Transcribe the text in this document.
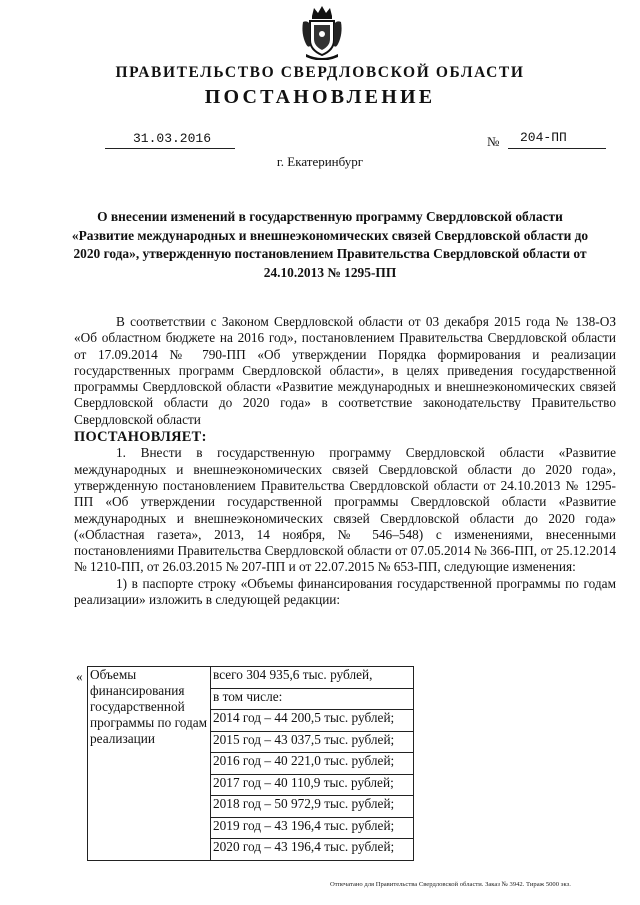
ПРАВИТЕЛЬСТВО СВЕРДЛОВСКОЙ ОБЛАСТИ
ПОСТАНОВЛЕНИЕ
31.03.2016	№ 204-ПП
г. Екатеринбург
О внесении изменений в государственную программу Свердловской области «Развитие международных и внешнеэкономических связей Свердловской области до 2020 года», утвержденную постановлением Правительства Свердловской области от 24.10.2013 № 1295-ПП

В соответствии с Законом Свердловской области от 03 декабря 2015 года № 138-ОЗ «Об областном бюджете на 2016 год», постановлением Правительства Свердловской области от 17.09.2014 № 790-ПП «Об утверждении Порядка формирования и реализации государственных программ Свердловской области», в целях приведения государственной программы Свердловской области «Развитие международных и внешнеэкономических связей Свердловской области до 2020 года» в соответствие законодательству Правительство Свердловской области

ПОСТАНОВЛЯЕТ:

1. Внести в государственную программу Свердловской области «Развитие международных и внешнеэкономических связей Свердловской области до 2020 года», утвержденную постановлением Правительства Свердловской области от 24.10.2013 № 1295-ПП «Об утверждении государственной программы Свердловской области «Развитие международных и внешнеэкономических связей Свердловской области до 2020 года» («Областная газета», 2013, 14 ноября, № 546–548) с изменениями, внесенными постановлениями Правительства Свердловской области от 07.05.2014 № 366-ПП, от 25.12.2014 № 1210-ПП, от 26.03.2015 № 207-ПП и от 22.07.2015 № 653-ПП, следующие изменения:

1) в паспорте строку «Объемы финансирования государственной программы по годам реализации» изложить в следующей редакции:

« Объемы финансирования государственной программы по годам реализации	всего 304 935,6 тыс. рублей,
в том числе:
2014 год – 44 200,5 тыс. рублей;
2015 год – 43 037,5 тыс. рублей;
2016 год – 40 221,0 тыс. рублей;
2017 год – 40 110,9 тыс. рублей;
2018 год – 50 972,9 тыс. рублей;
2019 год – 43 196,4 тыс. рублей;
2020 год – 43 196,4 тыс. рублей;
Отпечатано для Правительства Свердловской области. Заказ № 3942. Тираж 5000 экз.
